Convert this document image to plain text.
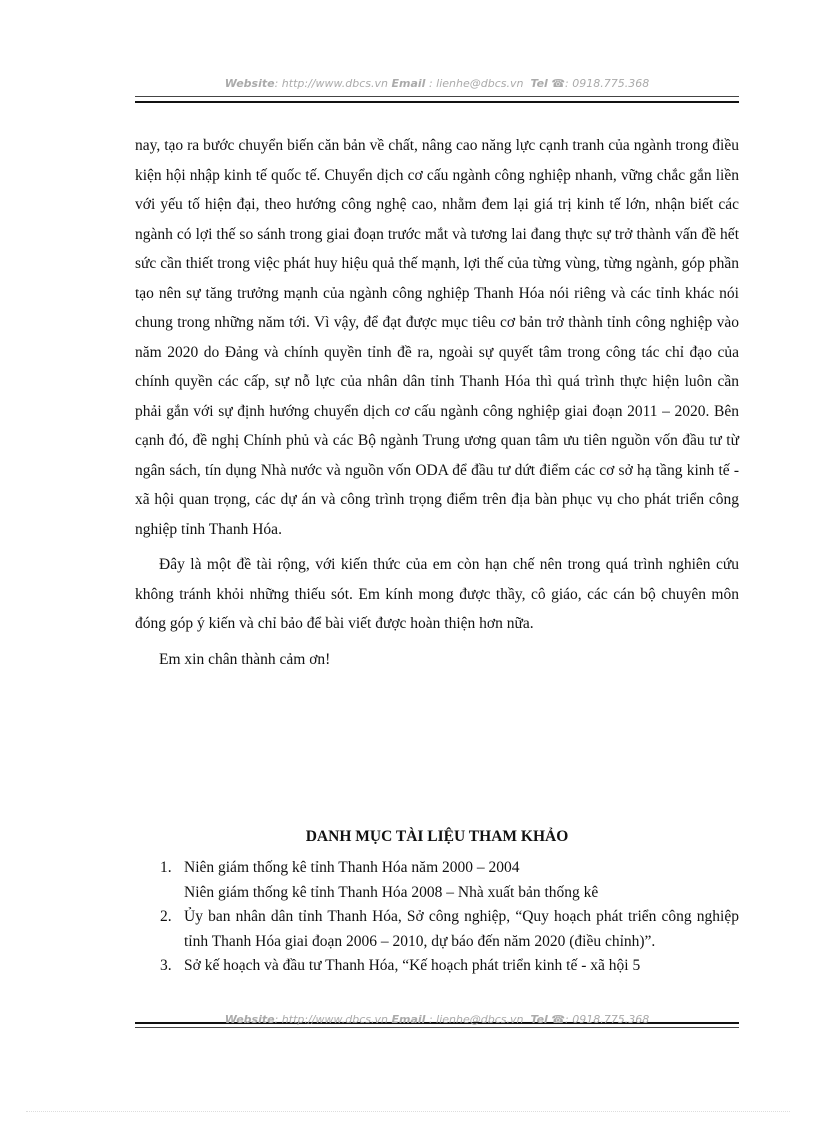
Website: http://www.dbcs.vn Email : lienhe@dbcs.vn Tel ☎: 0918.775.368

nay, tạo ra bước chuyển biến căn bản về chất, nâng cao năng lực cạnh tranh của ngành trong điều kiện hội nhập kinh tế quốc tế. Chuyển dịch cơ cấu ngành công nghiệp nhanh, vững chắc gắn liền với yếu tố hiện đại, theo hướng công nghệ cao, nhằm đem lại giá trị kinh tế lớn, nhận biết các ngành có lợi thế so sánh trong giai đoạn trước mắt và tương lai đang thực sự trở thành vấn đề hết sức cần thiết trong việc phát huy hiệu quả thế mạnh, lợi thế của từng vùng, từng ngành, góp phần tạo nên sự tăng trưởng mạnh của ngành công nghiệp Thanh Hóa nói riêng và các tỉnh khác nói chung trong những năm tới. Vì vậy, để đạt được mục tiêu cơ bản trở thành tỉnh công nghiệp vào năm 2020 do Đảng và chính quyền tỉnh đề ra, ngoài sự quyết tâm trong công tác chỉ đạo của chính quyền các cấp, sự nỗ lực của nhân dân tỉnh Thanh Hóa thì quá trình thực hiện luôn cần phải gắn với sự định hướng chuyển dịch cơ cấu ngành công nghiệp giai đoạn 2011 – 2020. Bên cạnh đó, đề nghị Chính phủ và các Bộ ngành Trung ương quan tâm ưu tiên nguồn vốn đầu tư từ ngân sách, tín dụng Nhà nước và nguồn vốn ODA để đầu tư dứt điểm các cơ sở hạ tầng kinh tế - xã hội quan trọng, các dự án và công trình trọng điểm trên địa bàn phục vụ cho phát triển công nghiệp tỉnh Thanh Hóa.

Đây là một đề tài rộng, với kiến thức của em còn hạn chế nên trong quá trình nghiên cứu không tránh khỏi những thiếu sót. Em kính mong được thầy, cô giáo, các cán bộ chuyên môn đóng góp ý kiến và chỉ bảo để bài viết được hoàn thiện hơn nữa.

Em xin chân thành cảm ơn!

DANH MỤC TÀI LIỆU THAM KHẢO
1. Niên giám thống kê tỉnh Thanh Hóa năm 2000 – 2004
Niên giám thống kê tỉnh Thanh Hóa 2008 – Nhà xuất bản thống kê
2. Ủy ban nhân dân tỉnh Thanh Hóa, Sở công nghiệp, “Quy hoạch phát triển công nghiệp tỉnh Thanh Hóa giai đoạn 2006 – 2010, dự báo đến năm 2020 (điều chỉnh)”.
3. Sở kế hoạch và đầu tư Thanh Hóa, “Kế hoạch phát triển kinh tế - xã hội 5
Website: http://www.dbcs.vn Email : lienhe@dbcs.vn Tel ☎: 0918.775.368
